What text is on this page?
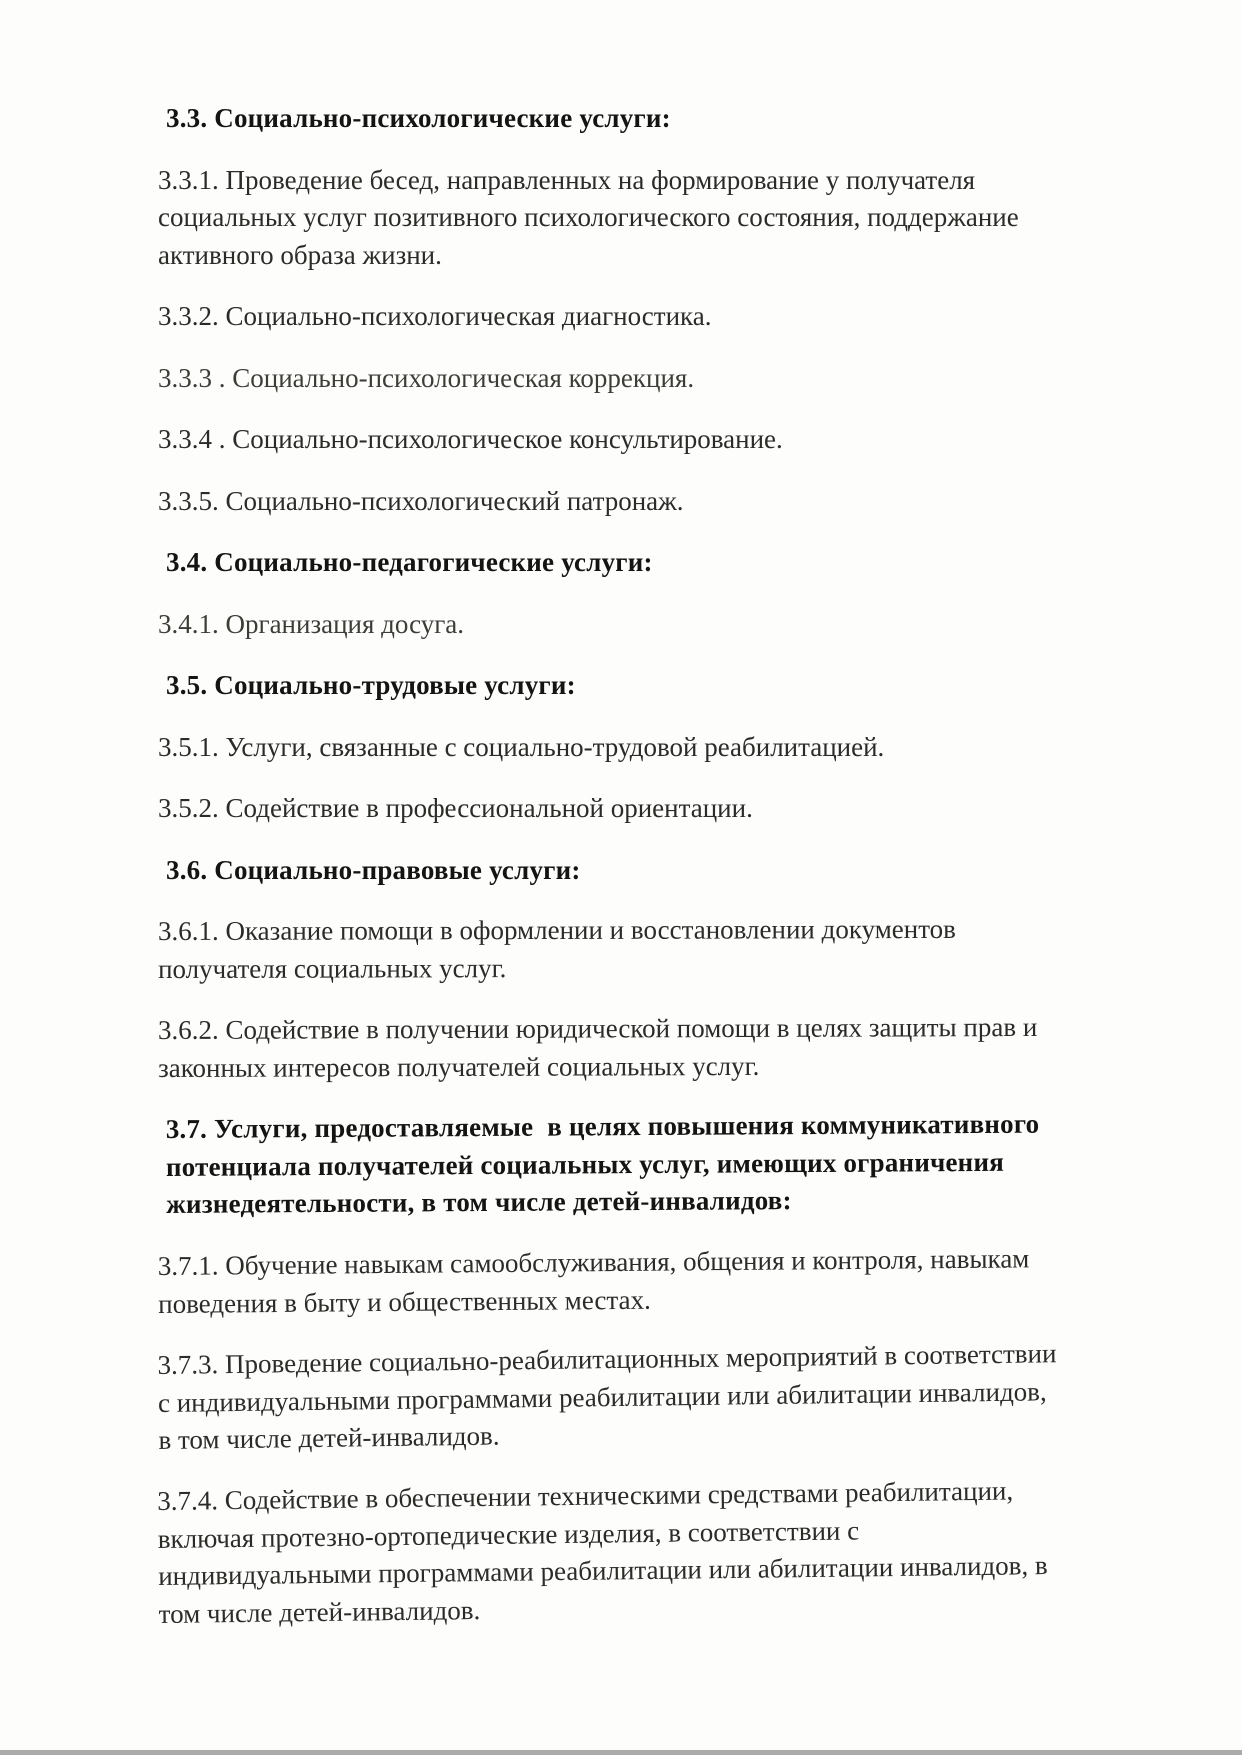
3.3. Социально-психологические услуги:
3.3.1. Проведение бесед, направленных на формирование у получателя
социальных услуг позитивного психологического состояния, поддержание
активного образа жизни.
3.3.2. Социально-психологическая диагностика.
3.3.3 . Социально-психологическая коррекция.
3.3.4 . Социально-психологическое консультирование.
3.3.5. Социально-психологический патронаж.
3.4. Социально-педагогические услуги:
3.4.1. Организация досуга.
3.5. Социально-трудовые услуги:
3.5.1. Услуги, связанные с социально-трудовой реабилитацией.
3.5.2. Содействие в профессиональной ориентации.
3.6. Социально-правовые услуги:
3.6.1. Оказание помощи в оформлении и восстановлении документов
получателя социальных услуг.
3.6.2. Содействие в получении юридической помощи в целях защиты прав и
законных интересов получателей социальных услуг.
3.7. Услуги, предоставляемые  в целях повышения коммуникативного
потенциала получателей социальных услуг, имеющих ограничения
жизнедеятельности, в том числе детей-инвалидов:
3.7.1. Обучение навыкам самообслуживания, общения и контроля, навыкам
поведения в быту и общественных местах.
3.7.3. Проведение социально-реабилитационных мероприятий в соответствии
с индивидуальными программами реабилитации или абилитации инвалидов,
в том числе детей-инвалидов.
3.7.4. Содействие в обеспечении техническими средствами реабилитации,
включая протезно-ортопедические изделия, в соответствии с
индивидуальными программами реабилитации или абилитации инвалидов, в
том числе детей-инвалидов.
